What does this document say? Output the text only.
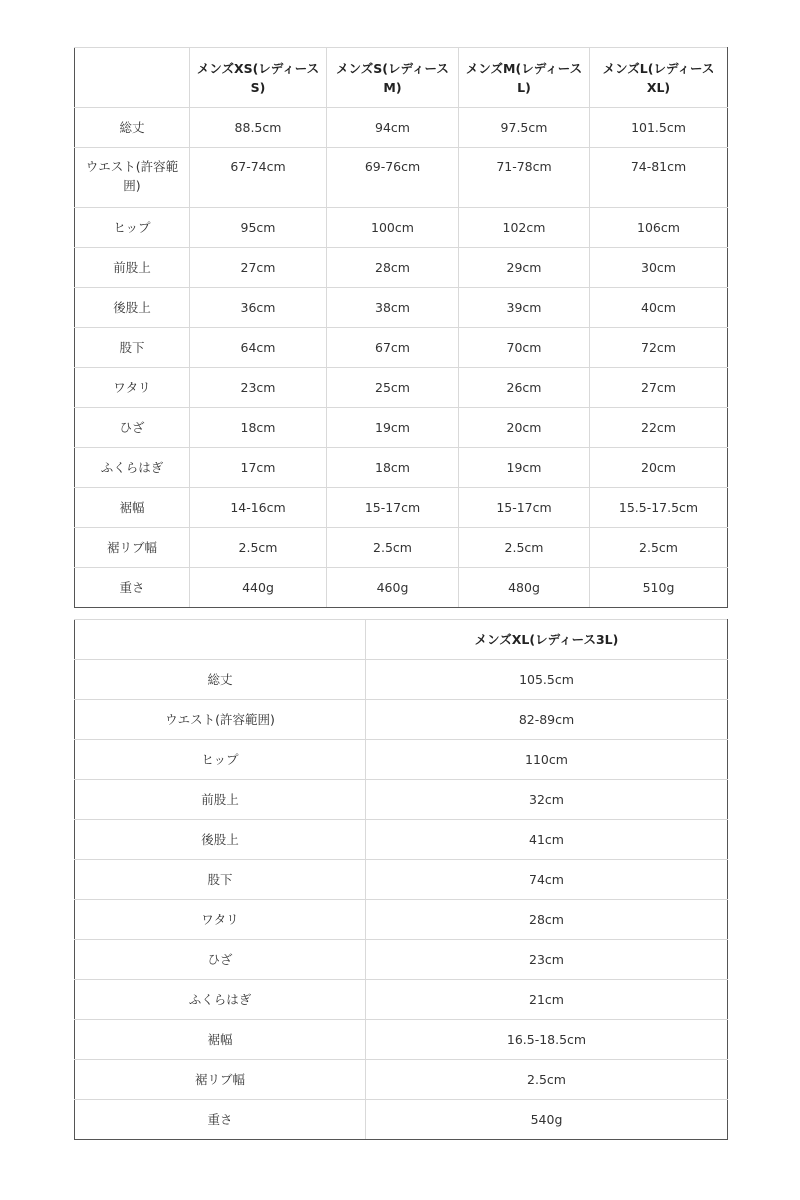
	メンズXS(レディースS)	メンズS(レディースM)	メンズM(レディースL)	メンズL(レディースXL)
総丈	88.5cm	94cm	97.5cm	101.5cm
ウエスト(許容範囲)	67-74cm	69-76cm	71-78cm	74-81cm
ヒップ	95cm	100cm	102cm	106cm
前股上	27cm	28cm	29cm	30cm
後股上	36cm	38cm	39cm	40cm
股下	64cm	67cm	70cm	72cm
ワタリ	23cm	25cm	26cm	27cm
ひざ	18cm	19cm	20cm	22cm
ふくらはぎ	17cm	18cm	19cm	20cm
裾幅	14-16cm	15-17cm	15-17cm	15.5-17.5cm
裾リブ幅	2.5cm	2.5cm	2.5cm	2.5cm
重さ	440g	460g	480g	510g
	メンズXL(レディース3L)
総丈	105.5cm
ウエスト(許容範囲)	82-89cm
ヒップ	110cm
前股上	32cm
後股上	41cm
股下	74cm
ワタリ	28cm
ひざ	23cm
ふくらはぎ	21cm
裾幅	16.5-18.5cm
裾リブ幅	2.5cm
重さ	540g
